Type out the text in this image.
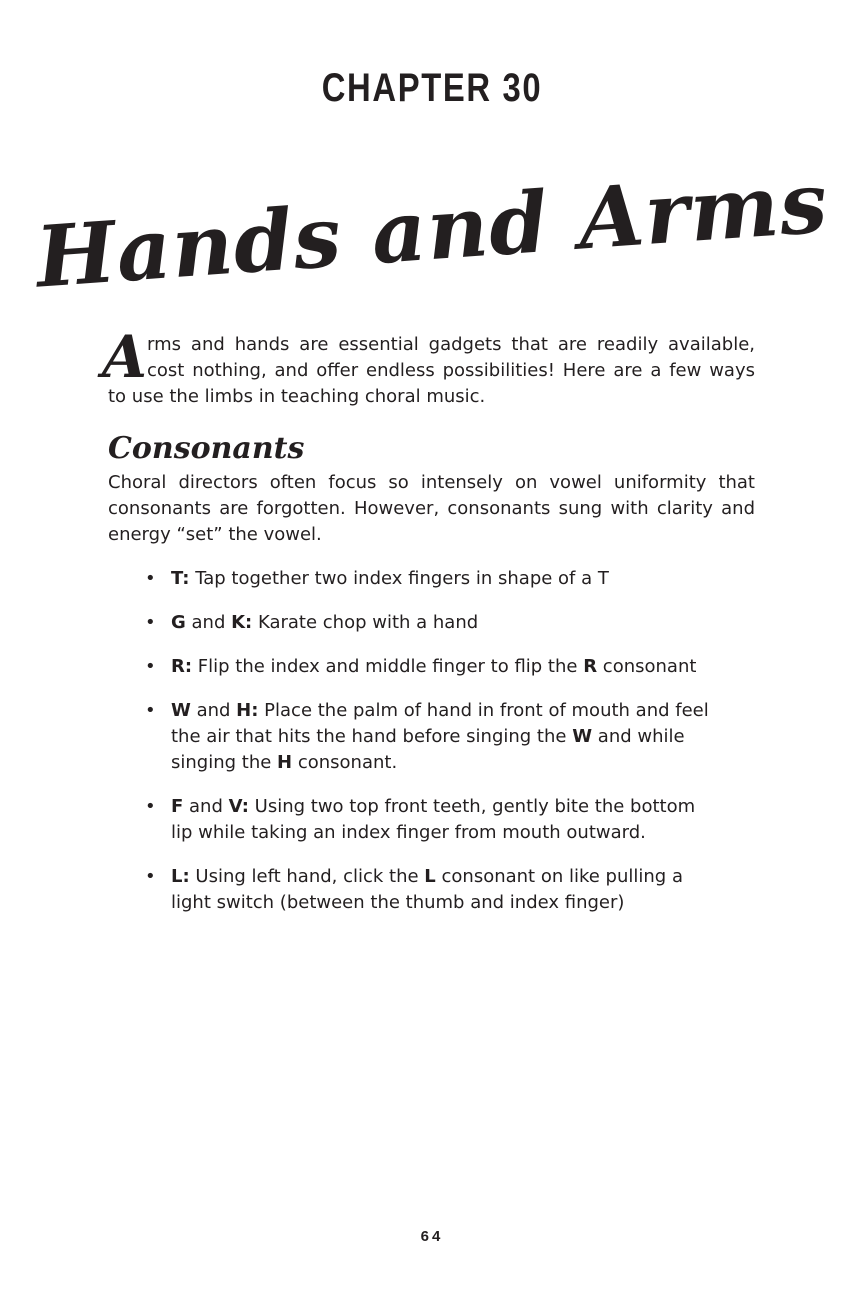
CHAPTER 30
Hands and Arms

Arms and hands are essential gadgets that are readily available, cost nothing, and offer endless possibilities! Here are a few ways to use the limbs in teaching choral music.

Consonants

Choral directors often focus so intensely on vowel uniformity that consonants are forgotten. However, consonants sung with clarity and energy “set” the vowel.

• T: Tap together two index fingers in shape of a T
• G and K: Karate chop with a hand
• R: Flip the index and middle finger to flip the R consonant
• W and H: Place the palm of hand in front of mouth and feel the air that hits the hand before singing the W and while singing the H consonant.
• F and V: Using two top front teeth, gently bite the bottom lip while taking an index finger from mouth outward.
• L: Using left hand, click the L consonant on like pulling a light switch (between the thumb and index finger)
64
